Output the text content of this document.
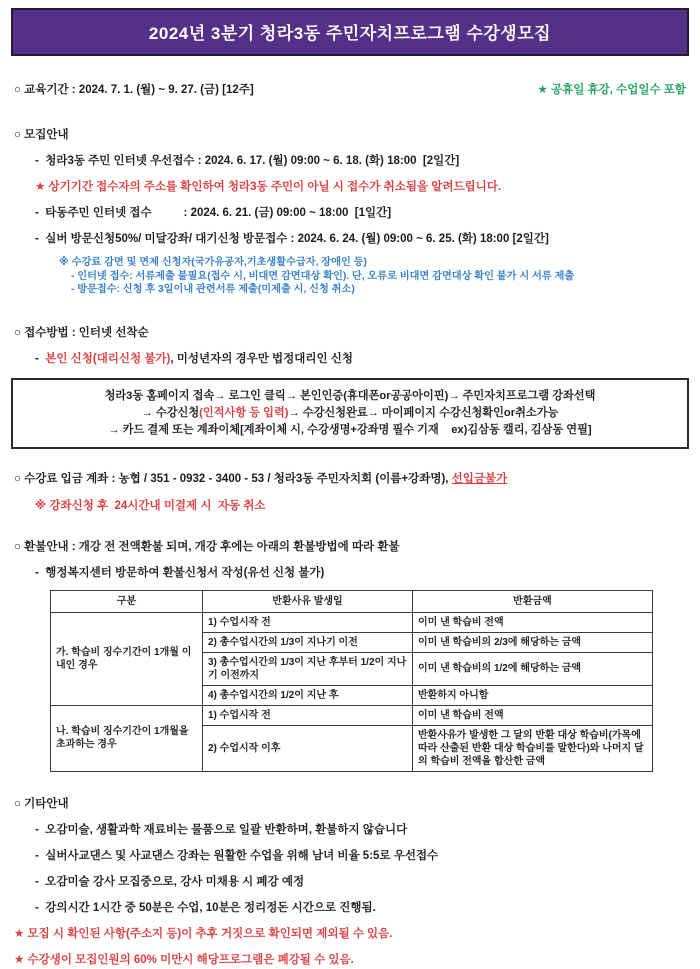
2024년 3분기 청라3동 주민자치프로그램 수강생모집
○ 교육기간 : 2024. 7. 1. (월) ~ 9. 27. (금) [12주]	★ 공휴일 휴강, 수업일수 포함
○ 모집안내
-  청라3동 주민 인터넷 우선접수 : 2024. 6. 17. (월) 09:00 ~ 6. 18. (화) 18:00  [2일간]
★ 상기기간 접수자의 주소를 확인하여 청라3동 주민이 아닐 시 접수가 취소됨을 알려드립니다.
-  타동주민 인터넷 접수          : 2024. 6. 21. (금) 09:00 ~ 18:00  [1일간]
-  실버 방문신청50%/ 미달강좌/ 대기신청 방문접수 : 2024. 6. 24. (월) 09:00 ~ 6. 25. (화) 18:00 [2일간]
※ 수강료 감면 및 면제 신청자(국가유공자,기초생활수급자, 장애인 등)
- 인터넷 접수: 서류제출 불필요(접수 시, 비대면 감면대상 확인). 단, 오류로 비대면 감면대상 확인 불가 시 서류 제출
- 방문접수: 신청 후 3일이내 관련서류 제출(미제출 시, 신청 취소)
○ 접수방법 : 인터넷 선착순
-  본인 신청(대리신청 불가), 미성년자의 경우만 법정대리인 신청
청라3동 홈페이지 접속→ 로그인 클릭→ 본인인증(휴대폰or공공아이핀)→ 주민자치프로그램 강좌선택
→ 수강신청(인적사항 등 입력)→ 수강신청완료→ 마이페이지 수강신청확인or취소가능
→ 카드 결제 또는 계좌이체[계좌이체 시, 수강생명+강좌명 필수 기재    ex)김삼동 캘리, 김삼동 연필]
○ 수강료 입금 계좌 : 농협 / 351 - 0932 - 3400 - 53 / 청라3동 주민자치회 (이름+강좌명), 선입금불가
※ 강좌신청 후  24시간내 미결제 시  자동 취소
○ 환불안내 : 개강 전 전액환불 되며, 개강 후에는 아래의 환불방법에 따라 환불
-  행정복지센터 방문하여 환불신청서 작성(유선 신청 불가)
구분	반환사유 발생일	반환금액
가. 학습비 징수기간이 1개월 이내인 경우	1) 수업시작 전	이미 낸 학습비 전액
	2) 총수업시간의 1/3이 지나기 이전	이미 낸 학습비의 2/3에 해당하는 금액
	3) 총수업시간의 1/3이 지난 후부터 1/2이 지나기 이전까지	이미 낸 학습비의 1/2에 해당하는 금액
	4) 총수업시간의 1/2이 지난 후	반환하지 아니함
나. 학습비 징수기간이 1개월을 초과하는 경우	1) 수업시작 전	이미 낸 학습비 전액
	2) 수업시작 이후	반환사유가 발생한 그 달의 반환 대상 학습비(가목에 따라 산출된 반환 대상 학습비를 말한다)와 나머지 달의 학습비 전액을 합산한 금액
○ 기타안내
-  오감미술, 생활과학 재료비는 물품으로 일괄 반환하며, 환불하지 않습니다
-  실버사교댄스 및 사교댄스 강좌는 원활한 수업을 위해 남녀 비율 5:5로 우선접수
-  오감미술 강사 모집중으로, 강사 미채용 시 폐강 예정
-  강의시간 1시간 중 50분은 수업, 10분은 정리정돈 시간으로 진행됨.
★ 모집 시 확인된 사항(주소지 등)이 추후 거짓으로 확인되면 제외될 수 있음.
★ 수강생이 모집인원의 60% 미만시 해당프로그램은 폐강될 수 있음.
